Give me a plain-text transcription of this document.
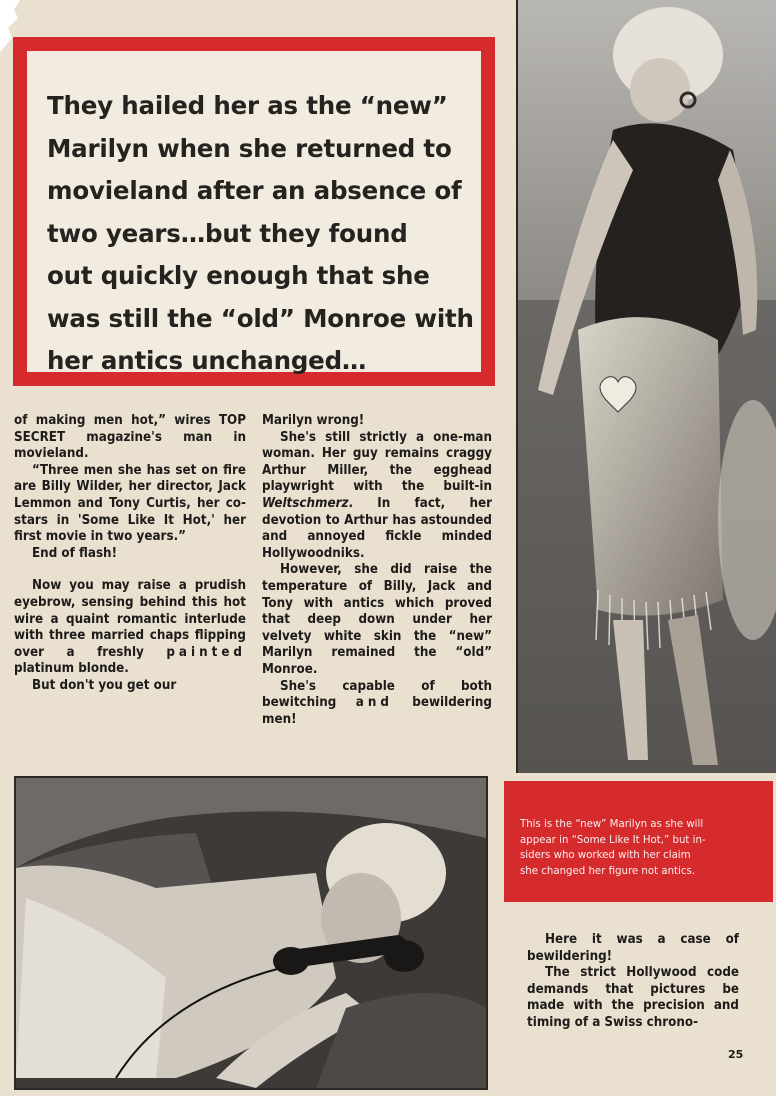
They hailed her as the “new”
Marilyn when she returned to
movieland after an absence of
two years…but they found
out quickly enough that she
was still the “old” Monroe with
her antics unchanged…

of making men hot,” wires TOP SECRET magazine's man in movieland.

“Three men she has set on fire are Billy Wilder, her director, Jack Lemmon and Tony Curtis, her co-stars in 'Some Like It Hot,' her first movie in two years.”

End of flash!

Now you may raise a prudish eyebrow, sensing behind this hot wire a quaint romantic interlude with three married chaps flipping over a freshly painted platinum blonde.

But don't you get our

Marilyn wrong!

She's still strictly a one-man woman. Her guy remains craggy Arthur Miller, the egghead playwright with the built-in Weltschmerz. In fact, her devotion to Arthur has astounded and annoyed fickle minded Hollywoodniks.

However, she did raise the temperature of Billy, Jack and Tony with antics which proved that deep down under her velvety white skin the “new” Marilyn remained the “old” Monroe.

She's capable of both bewitching and bewildering men!

This is the “new” Marilyn as she will
appear in “Some Like It Hot,” but in-
siders who worked with her claim
she changed her figure not antics.

Here it was a case of bewildering!

The strict Hollywood code demands that pictures be made with the precision and timing of a Swiss chrono-

25
